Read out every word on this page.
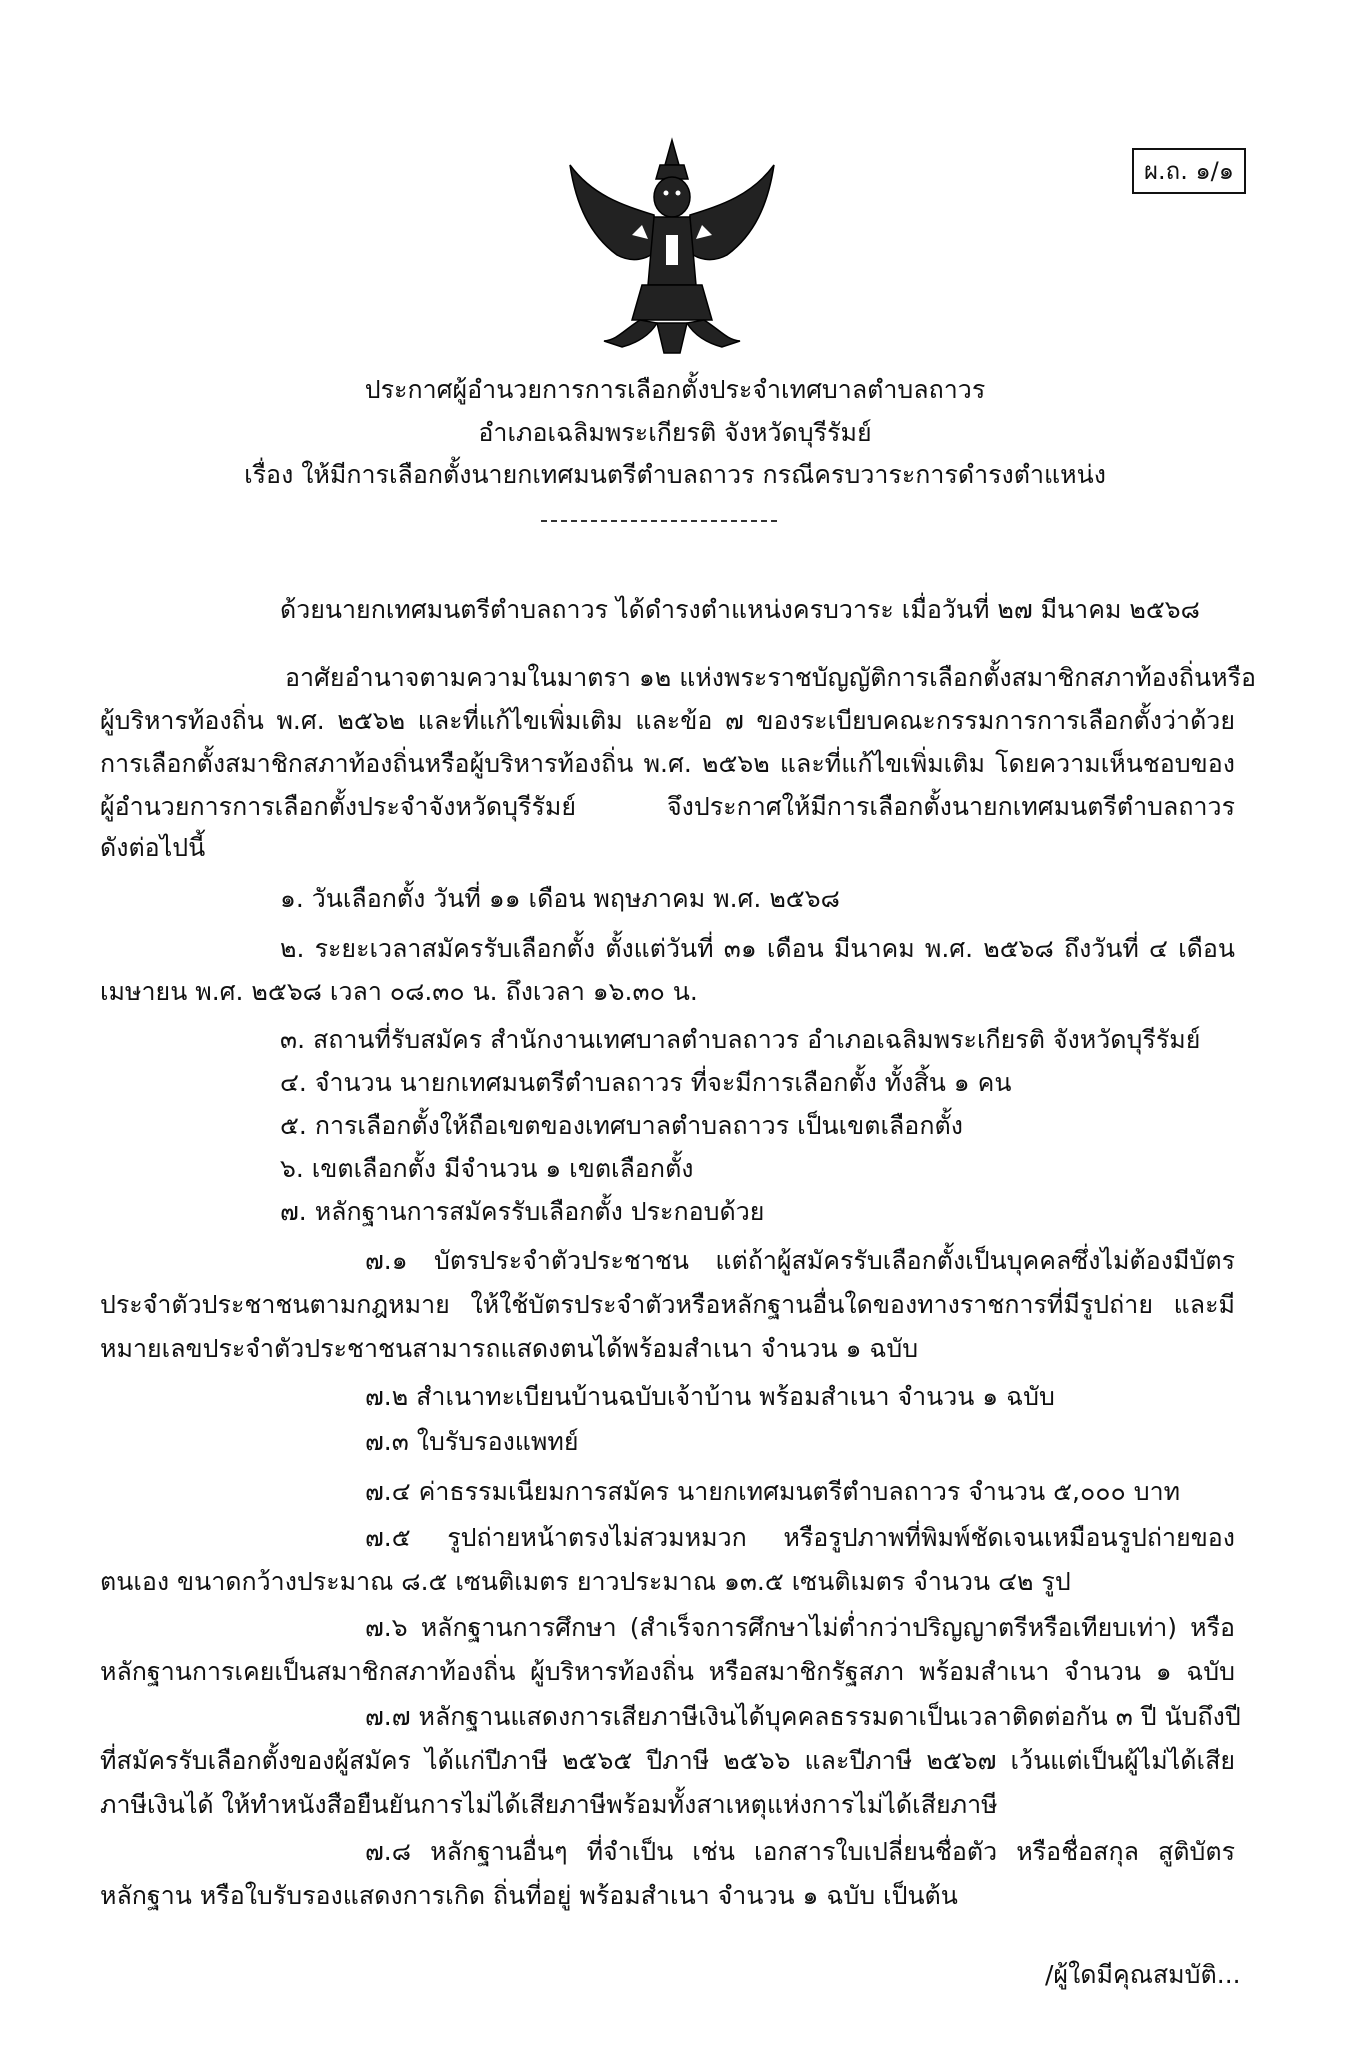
ผ.ถ. ๑/๑
ประกาศผู้อำนวยการการเลือกตั้งประจำเทศบาลตำบลถาวร
อำเภอเฉลิมพระเกียรติ จังหวัดบุรีรัมย์
เรื่อง ให้มีการเลือกตั้งนายกเทศมนตรีตำบลถาวร กรณีครบวาระการดำรงตำแหน่ง
ด้วยนายกเทศมนตรีตำบลถาวร ได้ดำรงตำแหน่งครบวาระ เมื่อวันที่ ๒๗ มีนาคม ๒๕๖๘
อาศัยอำนาจตามความในมาตรา ๑๒ แห่งพระราชบัญญัติการเลือกตั้งสมาชิกสภาท้องถิ่นหรือ
ผู้บริหารท้องถิ่น พ.ศ. ๒๕๖๒ และที่แก้ไขเพิ่มเติม และข้อ ๗ ของระเบียบคณะกรรมการการเลือกตั้งว่าด้วย
การเลือกตั้งสมาชิกสภาท้องถิ่นหรือผู้บริหารท้องถิ่น พ.ศ. ๒๕๖๒ และที่แก้ไขเพิ่มเติม โดยความเห็นชอบของ
ผู้อำนวยการการเลือกตั้งประจำจังหวัดบุรีรัมย์ จึงประกาศให้มีการเลือกตั้งนายกเทศมนตรีตำบลถาวร
ดังต่อไปนี้
๑. วันเลือกตั้ง วันที่ ๑๑ เดือน พฤษภาคม พ.ศ. ๒๕๖๘
๒. ระยะเวลาสมัครรับเลือกตั้ง ตั้งแต่วันที่ ๓๑ เดือน มีนาคม พ.ศ. ๒๕๖๘ ถึงวันที่ ๔ เดือน
เมษายน พ.ศ. ๒๕๖๘ เวลา ๐๘.๓๐ น. ถึงเวลา ๑๖.๓๐ น.
๓. สถานที่รับสมัคร สำนักงานเทศบาลตำบลถาวร อำเภอเฉลิมพระเกียรติ จังหวัดบุรีรัมย์
๔. จำนวน นายกเทศมนตรีตำบลถาวร ที่จะมีการเลือกตั้ง ทั้งสิ้น ๑ คน
๕. การเลือกตั้งให้ถือเขตของเทศบาลตำบลถาวร เป็นเขตเลือกตั้ง
๖. เขตเลือกตั้ง มีจำนวน ๑ เขตเลือกตั้ง
๗. หลักฐานการสมัครรับเลือกตั้ง ประกอบด้วย
๗.๑ บัตรประจำตัวประชาชน แต่ถ้าผู้สมัครรับเลือกตั้งเป็นบุคคลซึ่งไม่ต้องมีบัตร
ประจำตัวประชาชนตามกฎหมาย ให้ใช้บัตรประจำตัวหรือหลักฐานอื่นใดของทางราชการที่มีรูปถ่าย และมี
หมายเลขประจำตัวประชาชนสามารถแสดงตนได้พร้อมสำเนา จำนวน ๑ ฉบับ
๗.๒ สำเนาทะเบียนบ้านฉบับเจ้าบ้าน พร้อมสำเนา จำนวน ๑ ฉบับ
๗.๓ ใบรับรองแพทย์
๗.๔ ค่าธรรมเนียมการสมัคร นายกเทศมนตรีตำบลถาวร จำนวน ๕,๐๐๐ บาท
๗.๕ รูปถ่ายหน้าตรงไม่สวมหมวก หรือรูปภาพที่พิมพ์ชัดเจนเหมือนรูปถ่ายของ
ตนเอง ขนาดกว้างประมาณ ๘.๕ เซนติเมตร ยาวประมาณ ๑๓.๕ เซนติเมตร จำนวน ๔๒ รูป
๗.๖ หลักฐานการศึกษา (สำเร็จการศึกษาไม่ต่ำกว่าปริญญาตรีหรือเทียบเท่า) หรือ
หลักฐานการเคยเป็นสมาชิกสภาท้องถิ่น ผู้บริหารท้องถิ่น หรือสมาชิกรัฐสภา พร้อมสำเนา จำนวน ๑ ฉบับ
๗.๗ หลักฐานแสดงการเสียภาษีเงินได้บุคคลธรรมดาเป็นเวลาติดต่อกัน ๓ ปี นับถึงปี
ที่สมัครรับเลือกตั้งของผู้สมัคร ได้แก่ปีภาษี ๒๕๖๕ ปีภาษี ๒๕๖๖ และปีภาษี ๒๕๖๗ เว้นแต่เป็นผู้ไม่ได้เสีย
ภาษีเงินได้ ให้ทำหนังสือยืนยันการไม่ได้เสียภาษีพร้อมทั้งสาเหตุแห่งการไม่ได้เสียภาษี
๗.๘ หลักฐานอื่นๆ ที่จำเป็น เช่น เอกสารใบเปลี่ยนชื่อตัว หรือชื่อสกุล สูติบัตร
หลักฐาน หรือใบรับรองแสดงการเกิด ถิ่นที่อยู่ พร้อมสำเนา จำนวน ๑ ฉบับ เป็นต้น
/ผู้ใดมีคุณสมบัติ...
